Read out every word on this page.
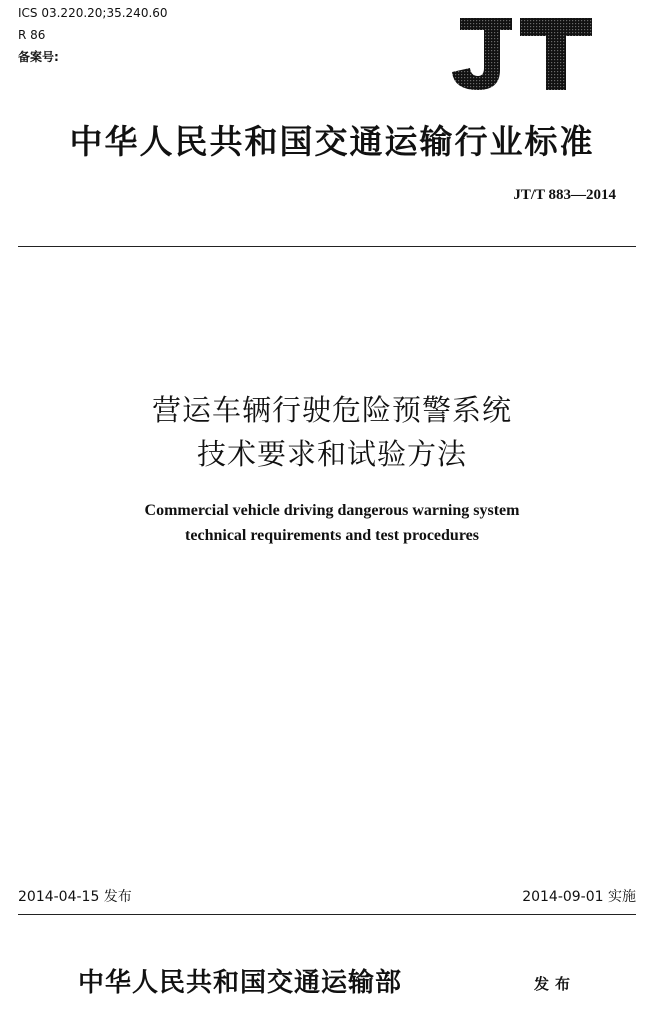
ICS 03.220.20;35.240.60
R 86
备案号:
中华人民共和国交通运输行业标准
JT/T 883—2014
营运车辆行驶危险预警系统
技术要求和试验方法
Commercial vehicle driving dangerous warning system
technical requirements and test procedures
2014-04-15 发布	2014-09-01 实施
中华人民共和国交通运输部	发布
